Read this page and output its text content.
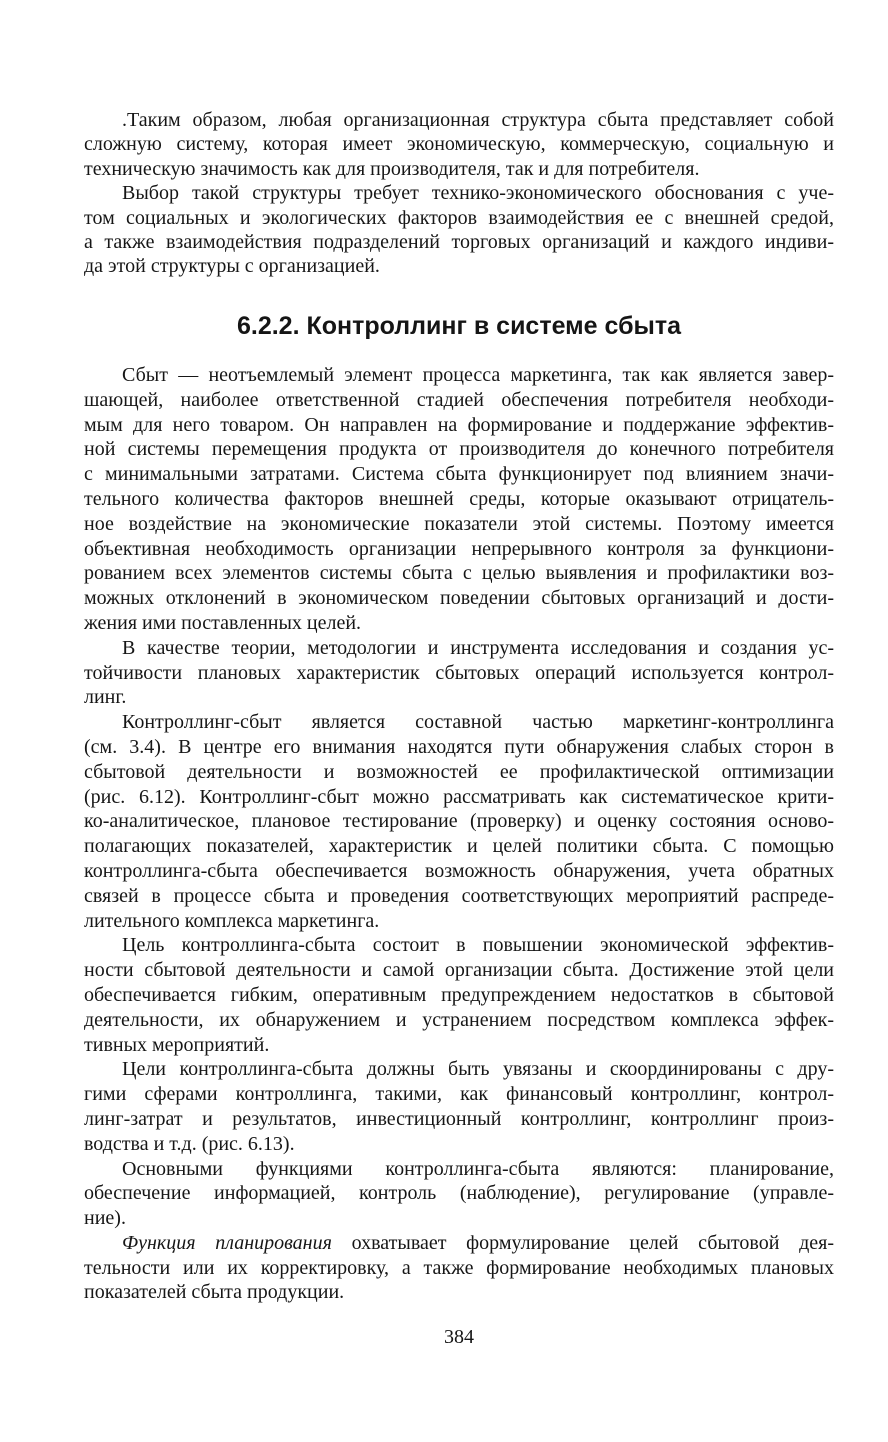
.Таким образом, любая организационная структура сбыта представляет собой
сложную систему, которая имеет экономическую, коммерческую, социальную и
техническую значимость как для производителя, так и для потребителя.
Выбор такой структуры требует технико-экономического обоснования с уче-
том социальных и экологических факторов взаимодействия ее с внешней средой,
а также взаимодействия подразделений торговых организаций и каждого индиви-
да этой структуры с организацией.
6.2.2. Контроллинг в системе сбыта
Сбыт — неотъемлемый элемент процесса маркетинга, так как является завер-
шающей, наиболее ответственной стадией обеспечения потребителя необходи-
мым для него товаром. Он направлен на формирование и поддержание эффектив-
ной системы перемещения продукта от производителя до конечного потребителя
с минимальными затратами. Система сбыта функционирует под влиянием значи-
тельного количества факторов внешней среды, которые оказывают отрицатель-
ное воздействие на экономические показатели этой системы. Поэтому имеется
объективная необходимость организации непрерывного контроля за функциони-
рованием всех элементов системы сбыта с целью выявления и профилактики воз-
можных отклонений в экономическом поведении сбытовых организаций и дости-
жения ими поставленных целей.
В качестве теории, методологии и инструмента исследования и создания ус-
тойчивости плановых характеристик сбытовых операций используется контрол-
линг.
Контроллинг-сбыт является составной частью маркетинг-контроллинга
(см. 3.4). В центре его внимания находятся пути обнаружения слабых сторон в
сбытовой деятельности и возможностей ее профилактической оптимизации
(рис. 6.12). Контроллинг-сбыт можно рассматривать как систематическое крити-
ко-аналитическое, плановое тестирование (проверку) и оценку состояния осново-
полагающих показателей, характеристик и целей политики сбыта. С помощью
контроллинга-сбыта обеспечивается возможность обнаружения, учета обратных
связей в процессе сбыта и проведения соответствующих мероприятий распреде-
лительного комплекса маркетинга.
Цель контроллинга-сбыта состоит в повышении экономической эффектив-
ности сбытовой деятельности и самой организации сбыта. Достижение этой цели
обеспечивается гибким, оперативным предупреждением недостатков в сбытовой
деятельности, их обнаружением и устранением посредством комплекса эффек-
тивных мероприятий.
Цели контроллинга-сбыта должны быть увязаны и скоординированы с дру-
гими сферами контроллинга, такими, как финансовый контроллинг, контрол-
линг-затрат и результатов, инвестиционный контроллинг, контроллинг произ-
водства и т.д. (рис. 6.13).
Основными функциями контроллинга-сбыта являются: планирование,
обеспечение информацией, контроль (наблюдение), регулирование (управле-
ние).
Функция планирования охватывает формулирование целей сбытовой дея-
тельности или их корректировку, а также формирование необходимых плановых
показателей сбыта продукции.
384
